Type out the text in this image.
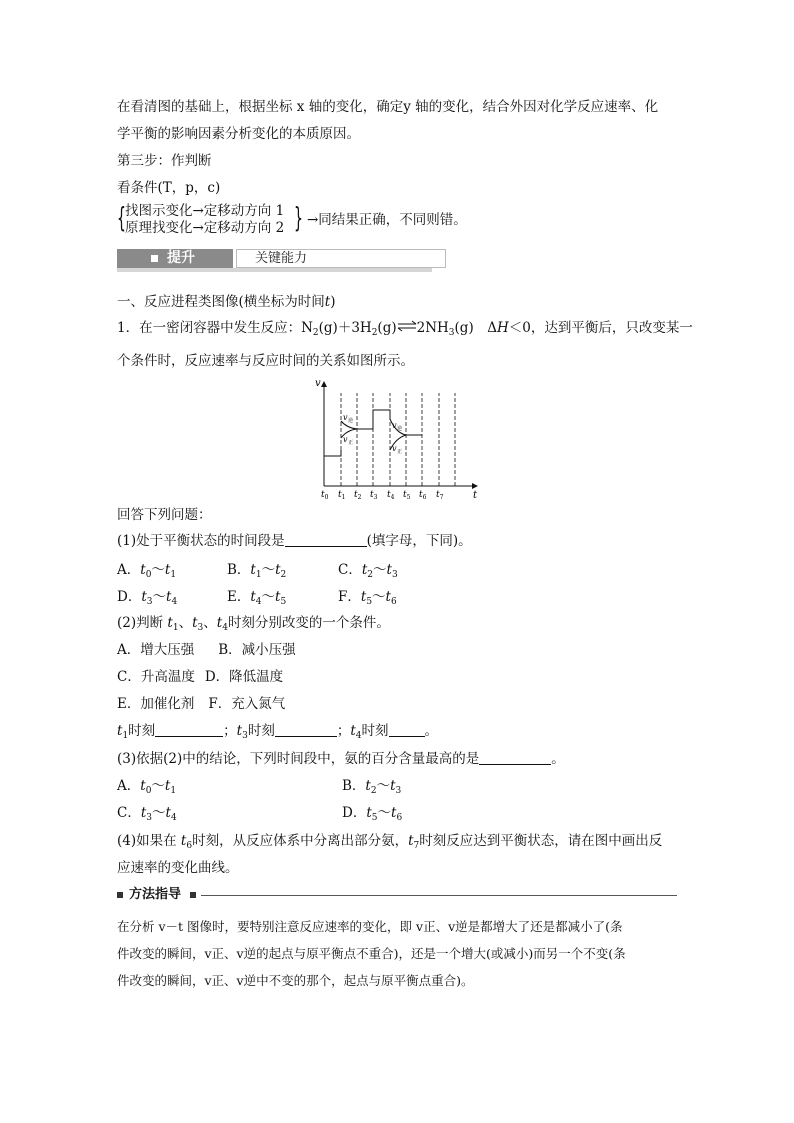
在看清图的基础上，根据坐标 x 轴的变化，确定y 轴的变化，结合外因对化学反应速率、化
学平衡的影响因素分析变化的本质原因。
第三步：作判断
看条件(T，p，c)
{ 找图示变化→定移动方向 1
原理找变化→定移动方向 2 } →同结果正确，不同则错。
提升	关键能力
一、反应进程类图像(横坐标为时间t)
1．在一密闭容器中发生反应：$N_2(g)+3H_2(g)\rightleftharpoons 2NH_3(g)$　ΔH＜0，达到平衡后，只改变某一
个条件时，反应速率与反应时间的关系如图所示。
v
t
v 逆
v 正
v 逆
v 正
$t_0$ $t_1$ $t_2$ $t_3$ $t_4$ $t_5$ $t_6$ $t_7$
回答下列问题：
(1)处于平衡状态的时间段是	(填字母，下同)。
A．$t_0\sim t_1$	B．$t_1\sim t_2$	C．$t_2\sim t_3$
D．$t_3\sim t_4$	E．$t_4\sim t_5$	F．$t_5\sim t_6$
(2)判断 $t_1$、$t_3$、$t_4$时刻分别改变的一个条件。
A．增大压强 B．减小压强
C．升高温度 D．降低温度
E．加催化剂 F．充入氮气
$t_1$时刻	；$t_3$时刻	；$t_4$时刻	。
(3)依据(2)中的结论，下列时间段中，氨的百分含量最高的是	。
A．$t_0\sim t_1$	B．$t_2\sim t_3$
C．$t_3\sim t_4$	D．$t_5\sim t_6$
(4)如果在 $t_6$时刻，从反应体系中分离出部分氨，$t_7$时刻反应达到平衡状态，请在图中画出反
应速率的变化曲线。
方法指导
在分析 v－t 图像时，要特别注意反应速率的变化，即 v正、v逆是都增大了还是都减小了(条
件改变的瞬间，v正、v逆的起点与原平衡点不重合)，还是一个增大(或减小)而另一个不变(条
件改变的瞬间，v正、v逆中不变的那个，起点与原平衡点重合)。
